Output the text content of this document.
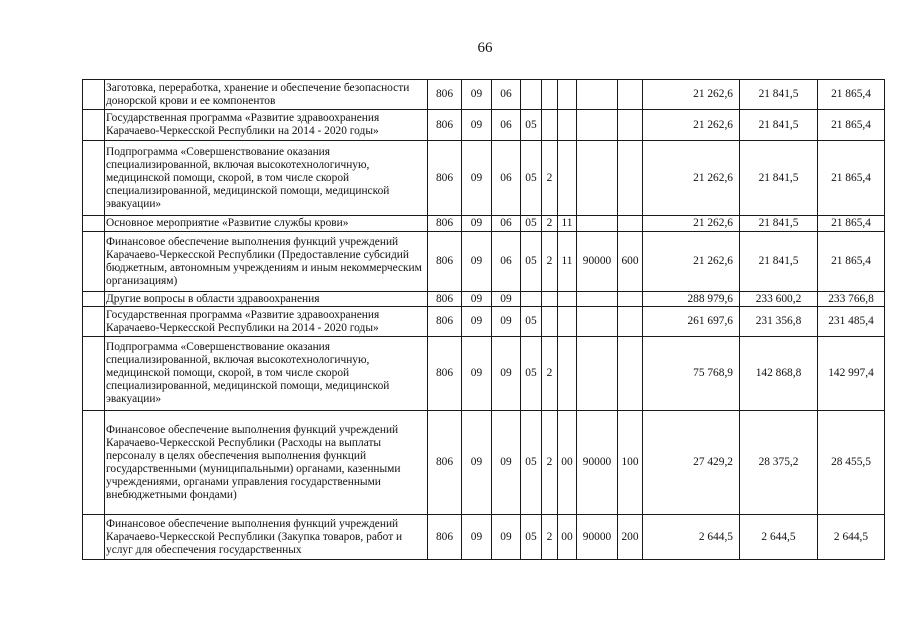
66
	Заготовка, переработка, хранение и обеспечение безопасности донорской крови и ее компонентов	806	09	06						21 262,6	21 841,5	21 865,4
	Государственная программа «Развитие здравоохранения Карачаево-Черкесской Республики на 2014 - 2020 годы»	806	09	06	05					21 262,6	21 841,5	21 865,4
	Подпрограмма «Совершенствование оказания специализированной, включая высокотехнологичную, медицинской помощи, скорой, в том числе скорой специализированной, медицинской помощи, медицинской эвакуации»	806	09	06	05	2				21 262,6	21 841,5	21 865,4
	Основное мероприятие «Развитие службы крови»	806	09	06	05	2	11			21 262,6	21 841,5	21 865,4
	Финансовое обеспечение выполнения функций учреждений Карачаево-Черкесской Республики (Предоставление субсидий бюджетным, автономным учреждениям и иным некоммерческим организациям)	806	09	06	05	2	11	90000	600	21 262,6	21 841,5	21 865,4
	Другие вопросы в области здравоохранения	806	09	09						288 979,6	233 600,2	233 766,8
	Государственная программа «Развитие здравоохранения Карачаево-Черкесской Республики на 2014 - 2020 годы»	806	09	09	05					261 697,6	231 356,8	231 485,4
	Подпрограмма «Совершенствование оказания специализированной, включая высокотехнологичную, медицинской помощи, скорой, в том числе скорой специализированной, медицинской помощи, медицинской эвакуации»	806	09	09	05	2				75 768,9	142 868,8	142 997,4
	Финансовое обеспечение выполнения функций учреждений Карачаево-Черкесской Республики (Расходы на выплаты персоналу в целях обеспечения выполнения функций государственными (муниципальными) органами, казенными учреждениями, органами управления государственными внебюджетными фондами)	806	09	09	05	2	00	90000	100	27 429,2	28 375,2	28 455,5
	Финансовое обеспечение выполнения функций учреждений Карачаево-Черкесской Республики (Закупка товаров, работ и услуг для обеспечения государственных	806	09	09	05	2	00	90000	200	2 644,5	2 644,5	2 644,5
